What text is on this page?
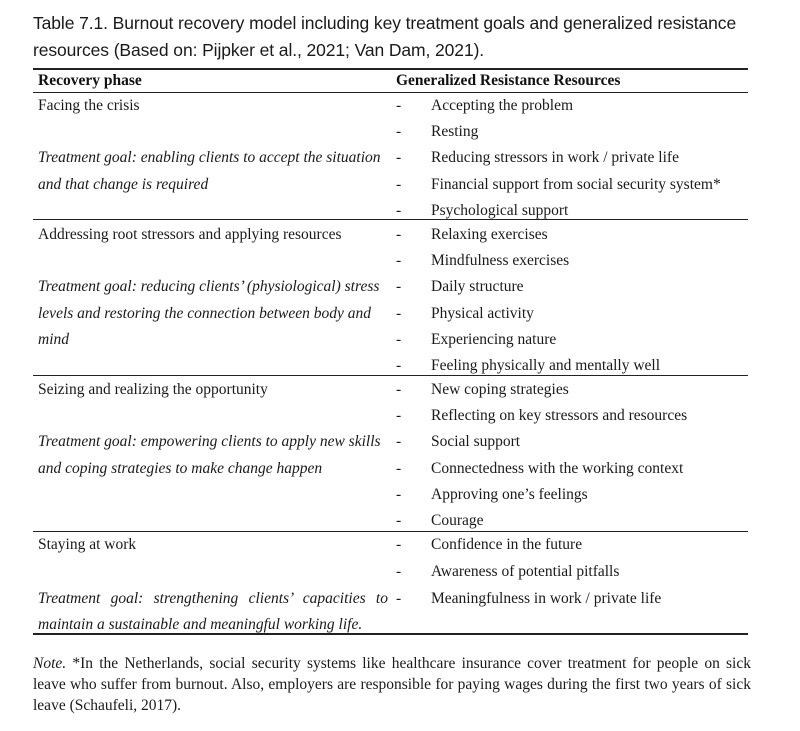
Table 7.1. Burnout recovery model including key treatment goals and generalized resistance resources (Based on: Pijpker et al., 2021; Van Dam, 2021).
Recovery phase	Generalized Resistance Resources
Facing the crisis
Treatment goal: enabling clients to accept the situation
and that change is required
- Accepting the problem
- Resting
- Reducing stressors in work / private life
- Financial support from social security system*
- Psychological support
Addressing root stressors and applying resources
Treatment goal: reducing clients’ (physiological) stress
levels and restoring the connection between body and
mind
- Relaxing exercises
- Mindfulness exercises
- Daily structure
- Physical activity
- Experiencing nature
- Feeling physically and mentally well
Seizing and realizing the opportunity
Treatment goal: empowering clients to apply new skills
and coping strategies to make change happen
- New coping strategies
- Reflecting on key stressors and resources
- Social support
- Connectedness with the working context
- Approving one’s feelings
- Courage
Staying at work
Treatment goal: strengthening clients’ capacities to
maintain a sustainable and meaningful working life.
- Confidence in the future
- Awareness of potential pitfalls
- Meaningfulness in work / private life
Note. *In the Netherlands, social security systems like healthcare insurance cover treatment for people on sick leave who suffer from burnout. Also, employers are responsible for paying wages during the first two years of sick leave (Schaufeli, 2017).
